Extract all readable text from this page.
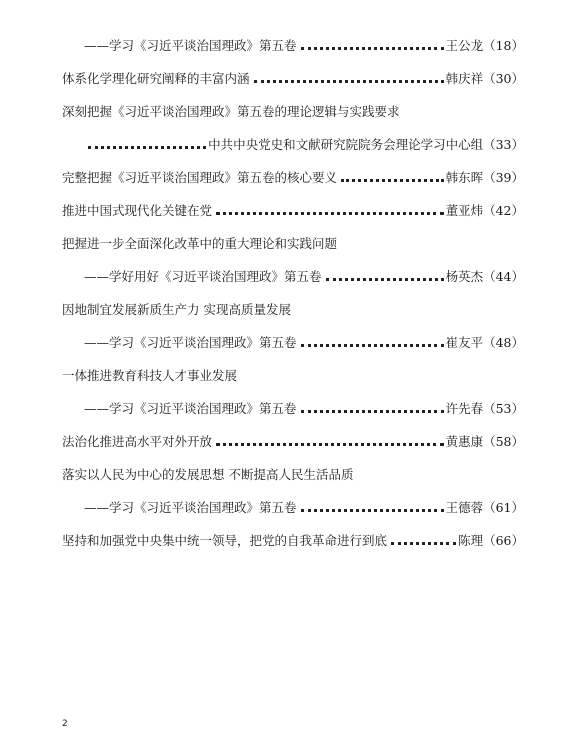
——学习《习近平谈治国理政》第五卷	王公龙（18）
体系化学理化研究阐释的丰富内涵	韩庆祥（30）
深刻把握《习近平谈治国理政》第五卷的理论逻辑与实践要求
中共中央党史和文献研究院院务会理论学习中心组（33）
完整把握《习近平谈治国理政》第五卷的核心要义	韩东晖（39）
推进中国式现代化关键在党	董亚炜（42）
把握进一步全面深化改革中的重大理论和实践问题
——学好用好《习近平谈治国理政》第五卷	杨英杰（44）
因地制宜发展新质生产力 实现高质量发展
——学习《习近平谈治国理政》第五卷	崔友平（48）
一体推进教育科技人才事业发展
——学习《习近平谈治国理政》第五卷	许先春（53）
法治化推进高水平对外开放	黄惠康（58）
落实以人民为中心的发展思想 不断提高人民生活品质
——学习《习近平谈治国理政》第五卷	王德蓉（61）
坚持和加强党中央集中统一领导，把党的自我革命进行到底	陈理（66）
2
